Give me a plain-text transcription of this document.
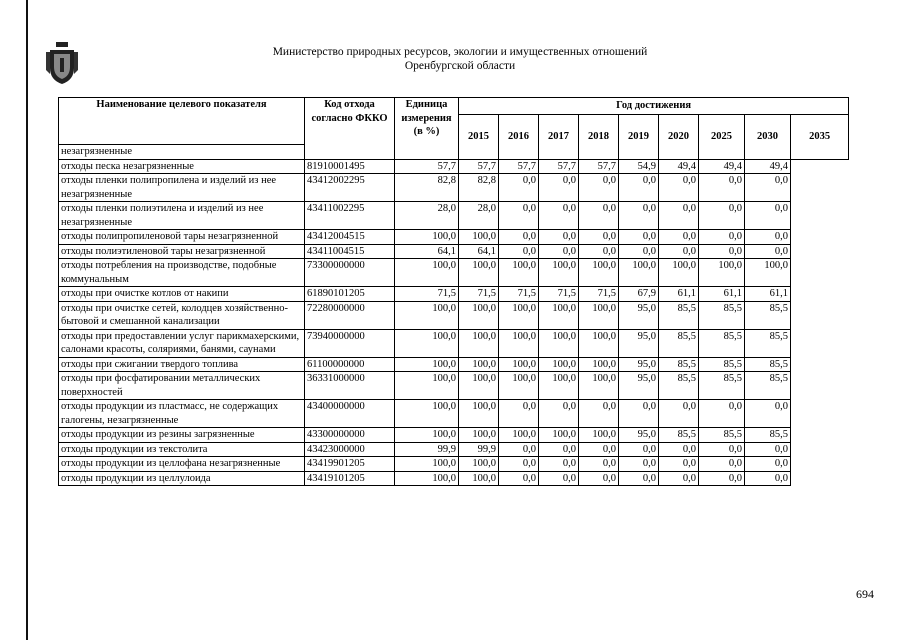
Министерство природных ресурсов, экологии и имущественных отношений
Оренбургской области
Наименование целевого показателя	Код отхода согласно ФККО	Единица измерения (в %)	Год достижения								
			2015	2016	2017	2018	2019	2020	2025	2030	2035
незагрязненные											
отходы песка незагрязненные	81910001495	57,7	57,7	57,7	57,7	57,7	54,9	49,4	49,4	49,4	
отходы пленки полипропилена и изделий из нее незагрязненные	43412002295	82,8	82,8	0,0	0,0	0,0	0,0	0,0	0,0	0,0	
отходы пленки полиэтилена и изделий из нее незагрязненные	43411002295	28,0	28,0	0,0	0,0	0,0	0,0	0,0	0,0	0,0	
отходы полипропиленовой тары незагрязненной	43412004515	100,0	100,0	0,0	0,0	0,0	0,0	0,0	0,0	0,0	
отходы полиэтиленовой тары незагрязненной	43411004515	64,1	64,1	0,0	0,0	0,0	0,0	0,0	0,0	0,0	
отходы потребления на производстве, подобные коммунальным	73300000000	100,0	100,0	100,0	100,0	100,0	100,0	100,0	100,0	100,0	
отходы при очистке котлов от накипи	61890101205	71,5	71,5	71,5	71,5	71,5	67,9	61,1	61,1	61,1	
отходы при очистке сетей, колодцев хозяйственно-бытовой и смешанной канализации	72280000000	100,0	100,0	100,0	100,0	100,0	95,0	85,5	85,5	85,5	
отходы при предоставлении услуг парикмахерскими, салонами красоты, соляриями, банями, саунами	73940000000	100,0	100,0	100,0	100,0	100,0	95,0	85,5	85,5	85,5	
отходы при сжигании твердого топлива	61100000000	100,0	100,0	100,0	100,0	100,0	95,0	85,5	85,5	85,5	
отходы при фосфатировании металлических поверхностей	36331000000	100,0	100,0	100,0	100,0	100,0	95,0	85,5	85,5	85,5	
отходы продукции из пластмасс, не содержащих галогены, незагрязненные	43400000000	100,0	100,0	0,0	0,0	0,0	0,0	0,0	0,0	0,0	
отходы продукции из резины загрязненные	43300000000	100,0	100,0	100,0	100,0	100,0	95,0	85,5	85,5	85,5	
отходы продукции из текстолита	43423000000	99,9	99,9	0,0	0,0	0,0	0,0	0,0	0,0	0,0	
отходы продукции из целлофана незагрязненные	43419901205	100,0	100,0	0,0	0,0	0,0	0,0	0,0	0,0	0,0	
отходы продукции из целлулоида	43419101205	100,0	100,0	0,0	0,0	0,0	0,0	0,0	0,0	0,0	
694
